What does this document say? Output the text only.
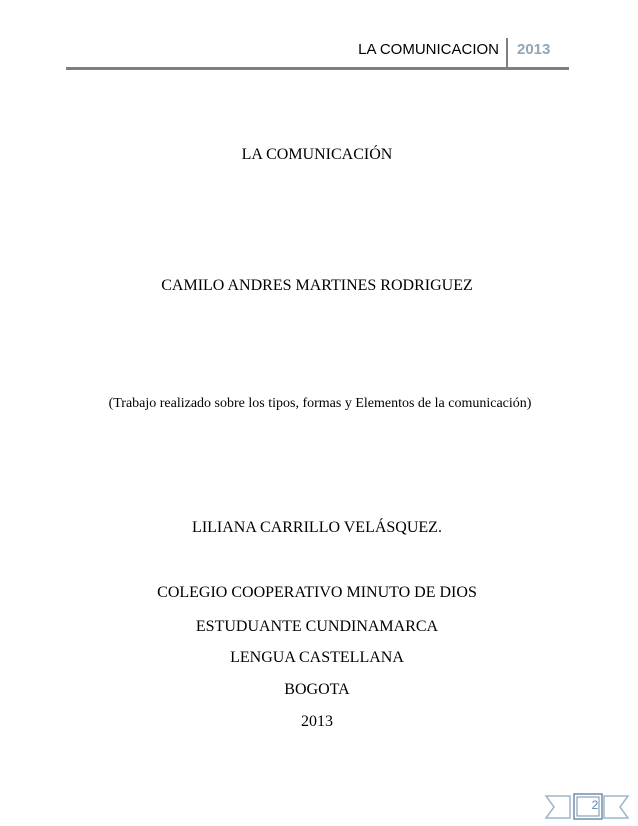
LA COMUNICACION 2013
LA COMUNICACIÓN
CAMILO ANDRES MARTINES RODRIGUEZ
(Trabajo realizado sobre los tipos, formas y Elementos de la comunicación)
LILIANA CARRILLO VELÁSQUEZ.
COLEGIO COOPERATIVO MINUTO DE DIOS
ESTUDUANTE CUNDINAMARCA
LENGUA CASTELLANA
BOGOTA
2013
2
